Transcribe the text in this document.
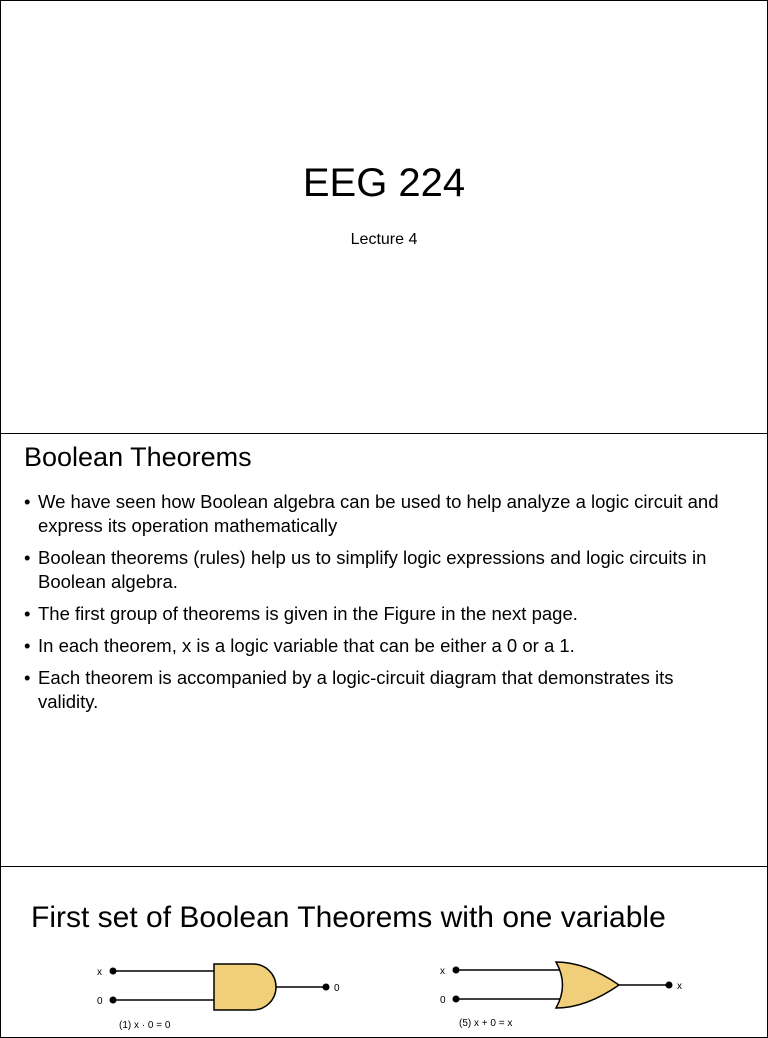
EEG 224
Lecture 4
Boolean Theorems
• We have seen how Boolean algebra can be used to help analyze a logic circuit and express its operation mathematically
• Boolean theorems (rules) help us to simplify logic expressions and logic circuits in Boolean algebra.
• The first group of theorems is given in the Figure in the next page.
• In each theorem, x is a logic variable that can be either a 0 or a 1.
• Each theorem is accompanied by a logic-circuit diagram that demonstrates its validity.
First set of Boolean Theorems with one variable
x
0
0
(1) x · 0 = 0
x
0
x
(5) x + 0 = x
